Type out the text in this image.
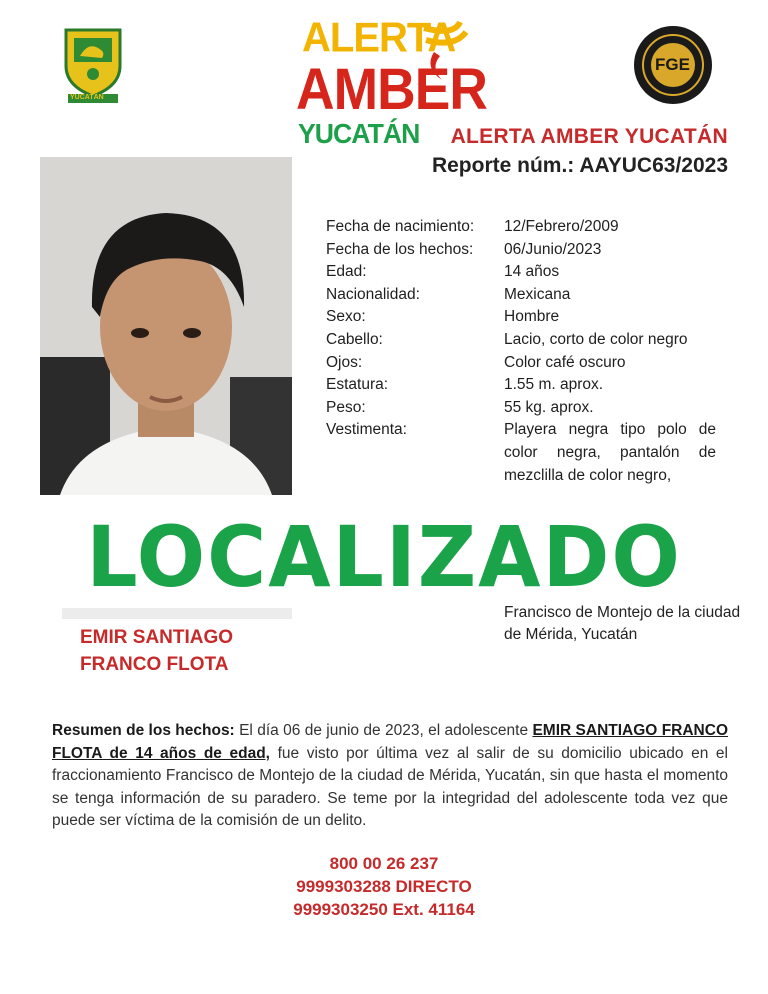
YUCATÁN
ALERTA
AMBER
YUCATÁN
FGE
ALERTA AMBER YUCATÁN
Reporte núm.: AAYUC63/2023
Fecha de nacimiento:	12/Febrero/2009
Fecha de los hechos:	06/Junio/2023
Edad:	14 años
Nacionalidad:	Mexicana
Sexo:	Hombre
Cabello:	Lacio, corto de color negro
Ojos:	Color café oscuro
Estatura:	1.55 m. aprox.
Peso:	55 kg. aprox.
Vestimenta:	Playera negra tipo polo de color negra, pantalón de mezclilla de color negro,
LOCALIZADO
Francisco de Montejo de la ciudad de Mérida, Yucatán
EMIR SANTIAGO
FRANCO FLOTA
Resumen de los hechos: El día 06 de junio de 2023, el adolescente EMIR SANTIAGO FRANCO FLOTA de 14 años de edad, fue visto por última vez al salir de su domicilio ubicado en el fraccionamiento Francisco de Montejo de la ciudad de Mérida, Yucatán, sin que hasta el momento se tenga información de su paradero. Se teme por la integridad del adolescente toda vez que puede ser víctima de la comisión de un delito.
800 00 26 237
9999303288 DIRECTO
9999303250 Ext. 41164
